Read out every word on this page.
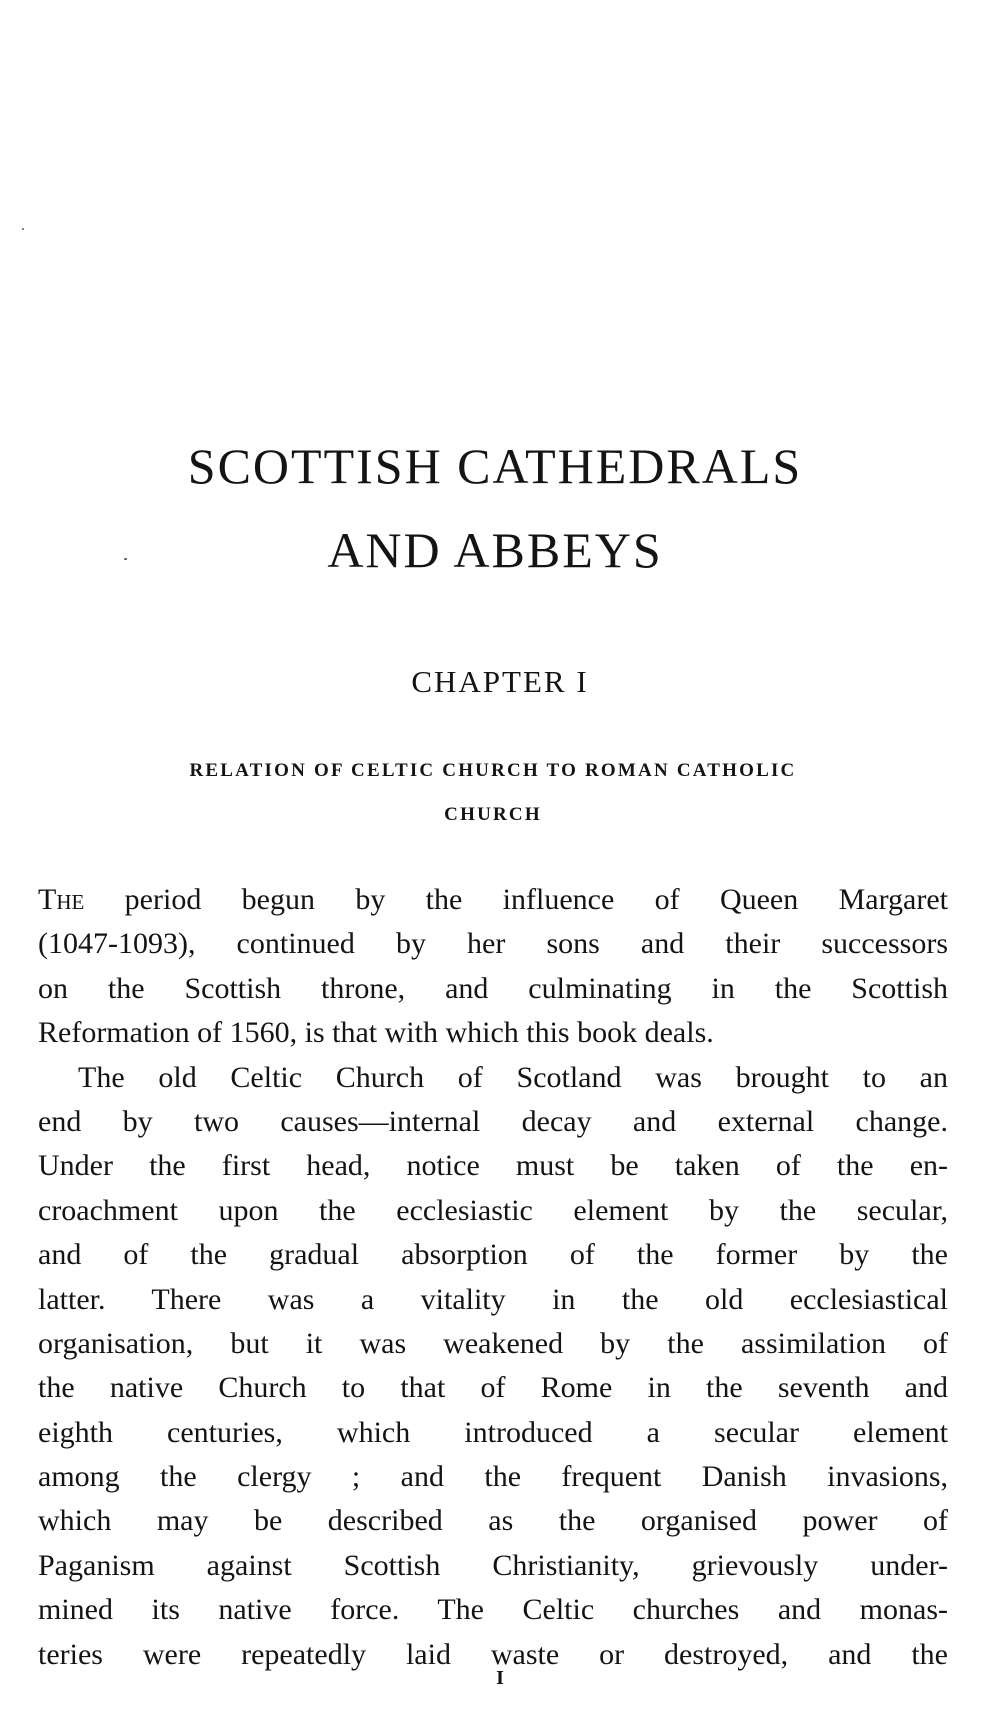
SCOTTISH CATHEDRALS
AND ABBEYS
CHAPTER I
RELATION OF CELTIC CHURCH TO ROMAN CATHOLIC
CHURCH
The period begun by the influence of Queen Margaret
(1047-1093), continued by her sons and their successors
on the Scottish throne, and culminating in the Scottish
Reformation of 1560, is that with which this book deals.
The old Celtic Church of Scotland was brought to an
end by two causes—internal decay and external change.
Under the first head, notice must be taken of the en-
croachment upon the ecclesiastic element by the secular,
and of the gradual absorption of the former by the
latter. There was a vitality in the old ecclesiastical
organisation, but it was weakened by the assimilation of
the native Church to that of Rome in the seventh and
eighth centuries, which introduced a secular element
among the clergy ; and the frequent Danish invasions,
which may be described as the organised power of
Paganism against Scottish Christianity, grievously under-
mined its native force. The Celtic churches and monas-
teries were repeatedly laid waste or destroyed, and the
I
